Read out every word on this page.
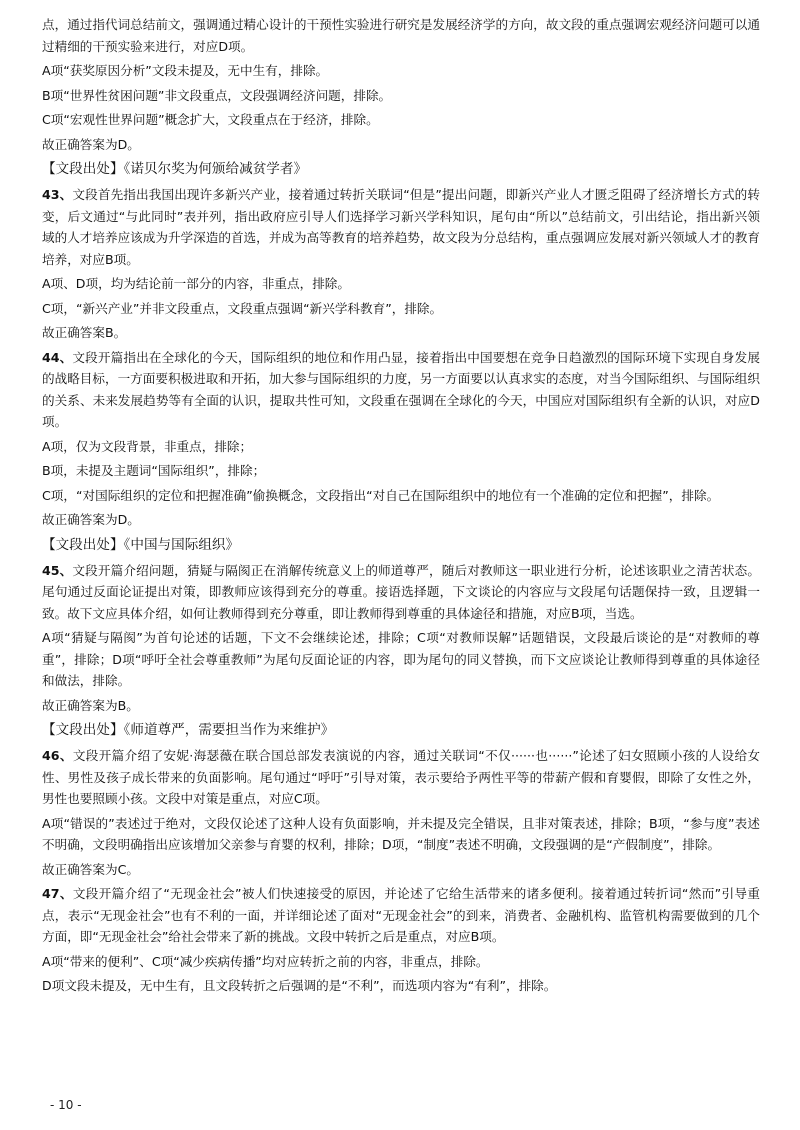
点，通过指代词总结前文，强调通过精心设计的干预性实验进行研究是发展经济学的方向，故文段的重点强调宏观经济问题可以通过精细的干预实验来进行，对应D项。

A项“获奖原因分析”文段未提及，无中生有，排除。

B项“世界性贫困问题”非文段重点，文段强调经济问题，排除。

C项“宏观性世界问题”概念扩大，文段重点在于经济，排除。

故正确答案为D。

【文段出处】《诺贝尔奖为何颁给减贫学者》

43、文段首先指出我国出现许多新兴产业，接着通过转折关联词“但是”提出问题，即新兴产业人才匮乏阻碍了经济增长方式的转变，后文通过“与此同时”表并列，指出政府应引导人们选择学习新兴学科知识，尾句由“所以”总结前文，引出结论，指出新兴领域的人才培养应该成为升学深造的首选，并成为高等教育的培养趋势，故文段为分总结构，重点强调应发展对新兴领域人才的教育培养，对应B项。

A项、D项，均为结论前一部分的内容，非重点，排除。

C项，“新兴产业”并非文段重点，文段重点强调“新兴学科教育”，排除。

故正确答案B。

44、文段开篇指出在全球化的今天，国际组织的地位和作用凸显，接着指出中国要想在竞争日趋激烈的国际环境下实现自身发展的战略目标，一方面要积极进取和开拓，加大参与国际组织的力度，另一方面要以认真求实的态度，对当今国际组织、与国际组织的关系、未来发展趋势等有全面的认识，提取共性可知，文段重在强调在全球化的今天，中国应对国际组织有全新的认识，对应D项。

A项，仅为文段背景，非重点，排除；

B项，未提及主题词“国际组织”，排除；

C项，“对国际组织的定位和把握准确”偷换概念，文段指出“对自己在国际组织中的地位有一个准确的定位和把握”，排除。

故正确答案为D。

【文段出处】《中国与国际组织》

45、文段开篇介绍问题，猜疑与隔阂正在消解传统意义上的师道尊严，随后对教师这一职业进行分析，论述该职业之清苦状态。尾句通过反面论证提出对策，即教师应该得到充分的尊重。接语选择题，下文谈论的内容应与文段尾句话题保持一致，且逻辑一致。故下文应具体介绍，如何让教师得到充分尊重，即让教师得到尊重的具体途径和措施，对应B项，当选。

A项“猜疑与隔阂”为首句论述的话题，下文不会继续论述，排除；C项“对教师误解”话题错误，文段最后谈论的是“对教师的尊重”，排除；D项“呼吁全社会尊重教师”为尾句反面论证的内容，即为尾句的同义替换，而下文应谈论让教师得到尊重的具体途径和做法，排除。

故正确答案为B。

【文段出处】《师道尊严，需要担当作为来维护》

46、文段开篇介绍了安妮·海瑟薇在联合国总部发表演说的内容，通过关联词“不仅······也······”论述了妇女照顾小孩的人设给女性、男性及孩子成长带来的负面影响。尾句通过“呼吁”引导对策，表示要给予两性平等的带薪产假和育婴假，即除了女性之外，男性也要照顾小孩。文段中对策是重点，对应C项。

A项“错误的”表述过于绝对，文段仅论述了这种人设有负面影响，并未提及完全错误，且非对策表述，排除；B项，“参与度”表述不明确，文段明确指出应该增加父亲参与育婴的权利，排除；D项，“制度”表述不明确，文段强调的是“产假制度”，排除。

故正确答案为C。

47、文段开篇介绍了“无现金社会”被人们快速接受的原因，并论述了它给生活带来的诸多便利。接着通过转折词“然而”引导重点，表示“无现金社会”也有不利的一面，并详细论述了面对“无现金社会”的到来，消费者、金融机构、监管机构需要做到的几个方面，即“无现金社会”给社会带来了新的挑战。文段中转折之后是重点，对应B项。

A项“带来的便利”、C项“减少疾病传播”均对应转折之前的内容，非重点，排除。

D项文段未提及，无中生有，且文段转折之后强调的是“不利”，而选项内容为“有利”，排除。

- 10 -
